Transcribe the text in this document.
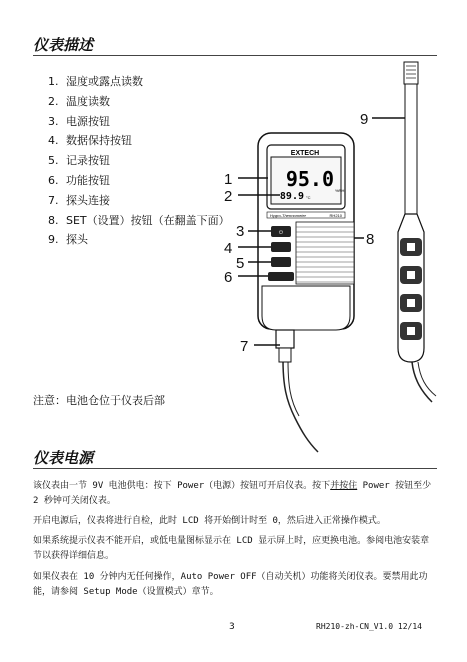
仪表描述
1. 湿度或露点读数
2. 温度读数
3. 电源按钮
4. 数据保持按钮
5. 记录按钮
6. 功能按钮
7. 探头连接
8. SET（设置）按钮（在翻盖下面）
9. 探头
EXTECH
95.0 %RH
89.9 °C
Hygro-Thermometer	RH210
⏻
1
2
3
4
5
6
7
8
9
注意：电池仓位于仪表后部
仪表电源
该仪表由一节 9V 电池供电：按下 Power（电源）按钮可开启仪表。按下并按住 Power 按钮至少 2 秒钟可关闭仪表。
开启电源后，仪表将进行自检，此时 LCD 将开始倒计时至 0，然后进入正常操作模式。
如果系统提示仪表不能开启，或低电量图标显示在 LCD 显示屏上时，应更换电池。参阅电池安装章节以获得详细信息。
如果仪表在 10 分钟内无任何操作，Auto Power OFF（自动关机）功能将关闭仪表。要禁用此功能，请参阅 Setup Mode（设置模式）章节。
3	RH210-zh-CN_V1.0 12/14
